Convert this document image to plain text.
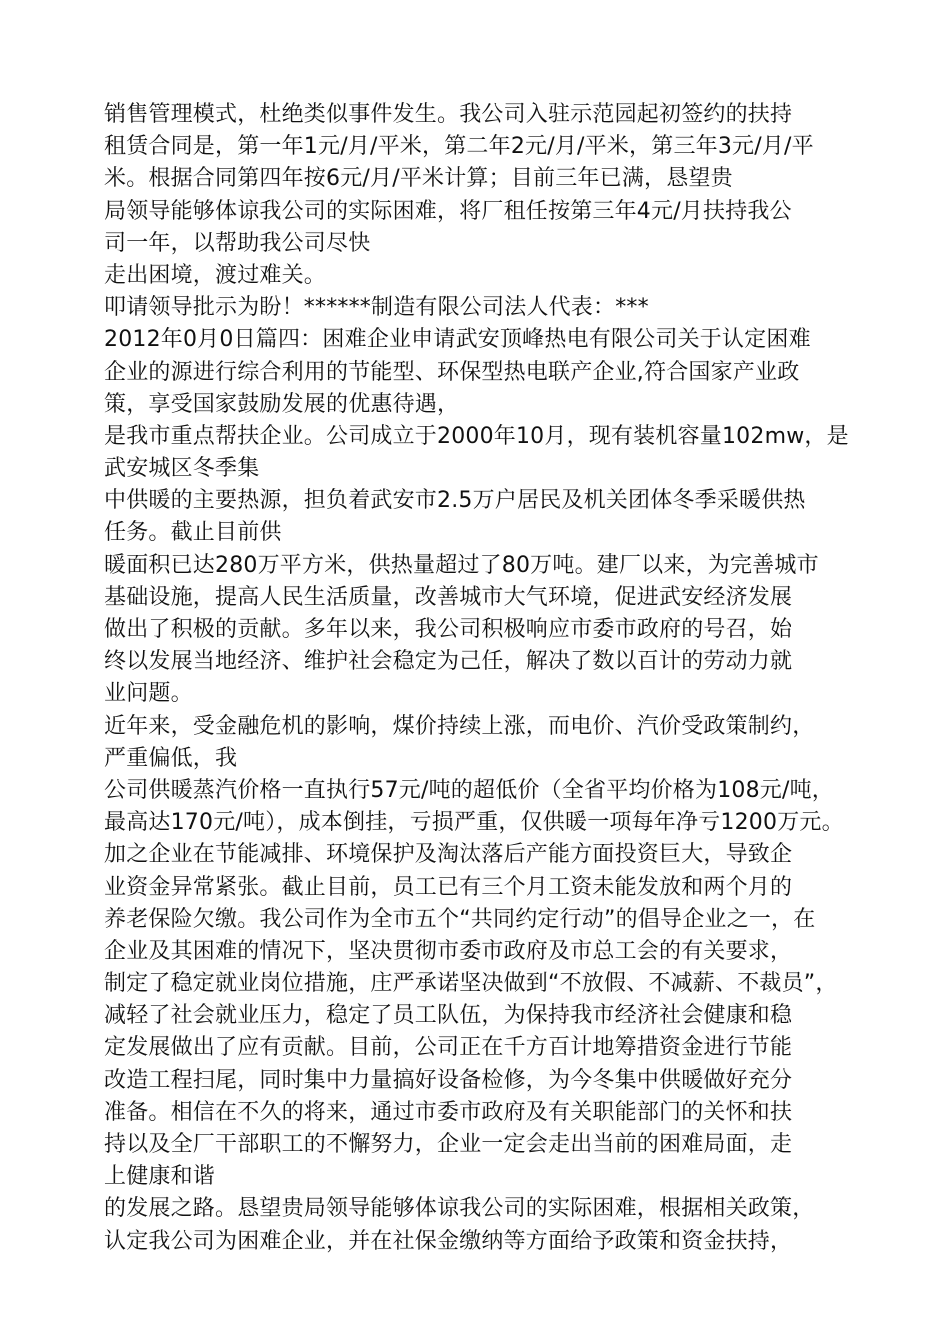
销售管理模式，杜绝类似事件发生。我公司入驻示范园起初签约的扶持
租赁合同是，第一年1元/月/平米，第二年2元/月/平米，第三年3元/月/平
米。根据合同第四年按6元/月/平米计算；目前三年已满，恳望贵
局领导能够体谅我公司的实际困难，将厂租任按第三年4元/月扶持我公
司一年，以帮助我公司尽快
走出困境，渡过难关。
叩请领导批示为盼！******制造有限公司法人代表：***
2012年0月0日篇四：困难企业申请武安顶峰热电有限公司关于认定困难
企业的源进行综合利用的节能型、环保型热电联产企业,符合国家产业政
策，享受国家鼓励发展的优惠待遇，
是我市重点帮扶企业。公司成立于2000年10月，现有装机容量102mw，是
武安城区冬季集
中供暖的主要热源，担负着武安市2.5万户居民及机关团体冬季采暖供热
任务。截止目前供
暖面积已达280万平方米，供热量超过了80万吨。建厂以来，为完善城市
基础设施，提高人民生活质量，改善城市大气环境，促进武安经济发展
做出了积极的贡献。多年以来，我公司积极响应市委市政府的号召，始
终以发展当地经济、维护社会稳定为己任，解决了数以百计的劳动力就
业问题。
近年来，受金融危机的影响，煤价持续上涨，而电价、汽价受政策制约，
严重偏低，我
公司供暖蒸汽价格一直执行57元/吨的超低价（全省平均价格为108元/吨，
最高达170元/吨），成本倒挂，亏损严重，仅供暖一项每年净亏1200万元。
加之企业在节能减排、环境保护及淘汰落后产能方面投资巨大，导致企
业资金异常紧张。截止目前，员工已有三个月工资未能发放和两个月的
养老保险欠缴。我公司作为全市五个“共同约定行动”的倡导企业之一，在
企业及其困难的情况下，坚决贯彻市委市政府及市总工会的有关要求，
制定了稳定就业岗位措施，庄严承诺坚决做到“不放假、不减薪、不裁员”，
减轻了社会就业压力，稳定了员工队伍，为保持我市经济社会健康和稳
定发展做出了应有贡献。目前，公司正在千方百计地筹措资金进行节能
改造工程扫尾，同时集中力量搞好设备检修，为今冬集中供暖做好充分
准备。相信在不久的将来，通过市委市政府及有关职能部门的关怀和扶
持以及全厂干部职工的不懈努力，企业一定会走出当前的困难局面，走
上健康和谐
的发展之路。恳望贵局领导能够体谅我公司的实际困难，根据相关政策，
认定我公司为困难企业，并在社保金缴纳等方面给予政策和资金扶持，
